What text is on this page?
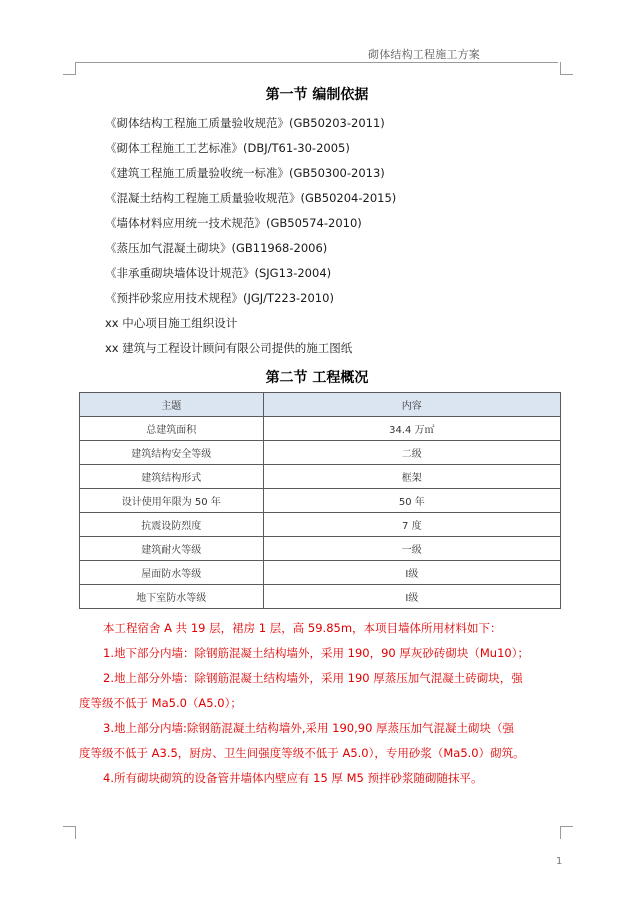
砌体结构工程施工方案
第一节 编制依据
《砌体结构工程施工质量验收规范》(GB50203-2011)
《砌体工程施工工艺标准》(DBJ/T61-30-2005)
《建筑工程施工质量验收统一标准》(GB50300-2013)
《混凝土结构工程施工质量验收规范》(GB50204-2015)
《墙体材料应用统一技术规范》(GB50574-2010)
《蒸压加气混凝土砌块》(GB11968-2006)
《非承重砌块墙体设计规范》(SJG13-2004)
《预拌砂浆应用技术规程》(JGJ/T223-2010)
xx 中心项目施工组织设计
xx 建筑与工程设计顾问有限公司提供的施工图纸
第二节 工程概况
主题	内容
总建筑面积	34.4 万㎡
建筑结构安全等级	二级
建筑结构形式	框架
设计使用年限为 50 年	50 年
抗震设防烈度	7 度
建筑耐火等级	一级
屋面防水等级	Ⅰ级
地下室防水等级	Ⅰ级
本工程宿舍 A 共 19 层，裙房 1 层，高 59.85m，本项目墙体所用材料如下：
1.地下部分内墙：除钢筋混凝土结构墙外，采用 190，90 厚灰砂砖砌块（Mu10）；
2.地上部分外墙：除钢筋混凝土结构墙外，采用 190 厚蒸压加气混凝土砖砌块，强
度等级不低于 Ma5.0（A5.0）；
3.地上部分内墙:除钢筋混凝土结构墙外,采用 190,90 厚蒸压加气混凝土砌块（强
度等级不低于 A3.5，厨房、卫生间强度等级不低于 A5.0），专用砂浆（Ma5.0）砌筑。
4.所有砌块砌筑的设备管井墙体内壁应有 15 厚 M5 预拌砂浆随砌随抹平。
1
